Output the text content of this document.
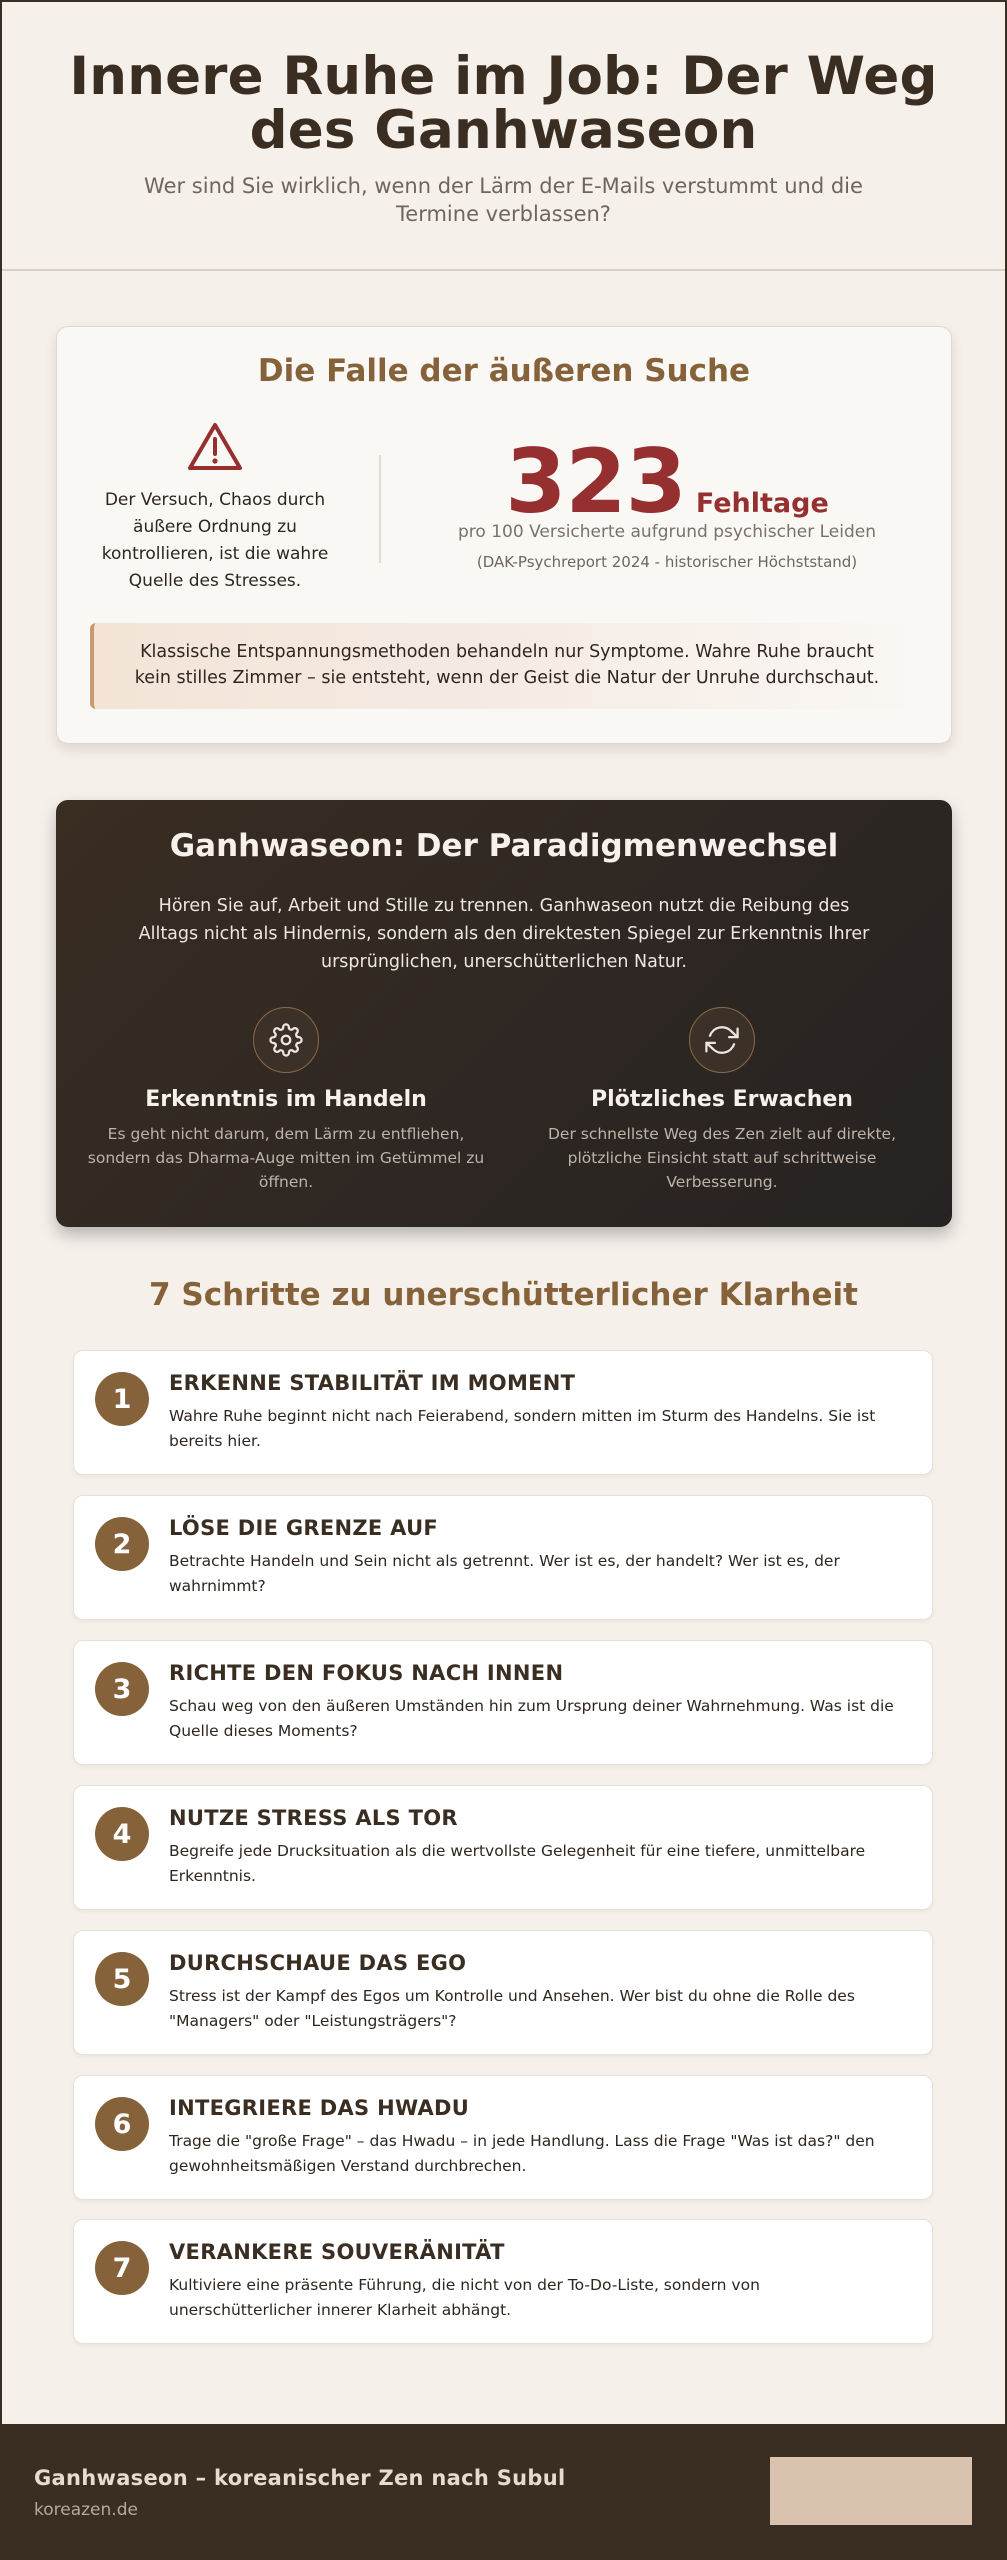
Innere Ruhe im Job: Der Weg des Ganhwaseon

Wer sind Sie wirklich, wenn der Lärm der E-Mails verstummt und die Termine verblassen?

Die Falle der äußeren Suche

Der Versuch, Chaos durch äußere Ordnung zu kontrollieren, ist die wahre Quelle des Stresses.

323 Fehltage

pro 100 Versicherte aufgrund psychischer Leiden

(DAK-Psychreport 2024 - historischer Höchststand)

Klassische Entspannungsmethoden behandeln nur Symptome. Wahre Ruhe braucht kein stilles Zimmer – sie entsteht, wenn der Geist die Natur der Unruhe durchschaut.
Ganhwaseon: Der Paradigmenwechsel

Hören Sie auf, Arbeit und Stille zu trennen. Ganhwaseon nutzt die Reibung des Alltags nicht als Hindernis, sondern als den direktesten Spiegel zur Erkenntnis Ihrer ursprünglichen, unerschütterlichen Natur.

Erkenntnis im Handeln

Es geht nicht darum, dem Lärm zu entfliehen, sondern das Dharma-Auge mitten im Getümmel zu öffnen.

Plötzliches Erwachen

Der schnellste Weg des Zen zielt auf direkte, plötzliche Einsicht statt auf schrittweise Verbesserung.

7 Schritte zu unerschütterlicher Klarheit
1
ERKENNE STABILITÄT IM MOMENT

Wahre Ruhe beginnt nicht nach Feierabend, sondern mitten im Sturm des Handelns. Sie ist bereits hier.

2
LÖSE DIE GRENZE AUF

Betrachte Handeln und Sein nicht als getrennt. Wer ist es, der handelt? Wer ist es, der wahrnimmt?

3
RICHTE DEN FOKUS NACH INNEN

Schau weg von den äußeren Umständen hin zum Ursprung deiner Wahrnehmung. Was ist die Quelle dieses Moments?

4
NUTZE STRESS ALS TOR

Begreife jede Drucksituation als die wertvollste Gelegenheit für eine tiefere, unmittelbare Erkenntnis.

5
DURCHSCHAUE DAS EGO

Stress ist der Kampf des Egos um Kontrolle und Ansehen. Wer bist du ohne die Rolle des "Managers" oder "Leistungsträgers"?

6
INTEGRIERE DAS HWADU

Trage die "große Frage" – das Hwadu – in jede Handlung. Lass die Frage "Was ist das?" den gewohnheitsmäßigen Verstand durchbrechen.

7
VERANKERE SOUVERÄNITÄT

Kultiviere eine präsente Führung, die nicht von der To-Do-Liste, sondern von unerschütterlicher innerer Klarheit abhängt.

Ganhwaseon – koreanischer Zen nach Subul
koreazen.de
